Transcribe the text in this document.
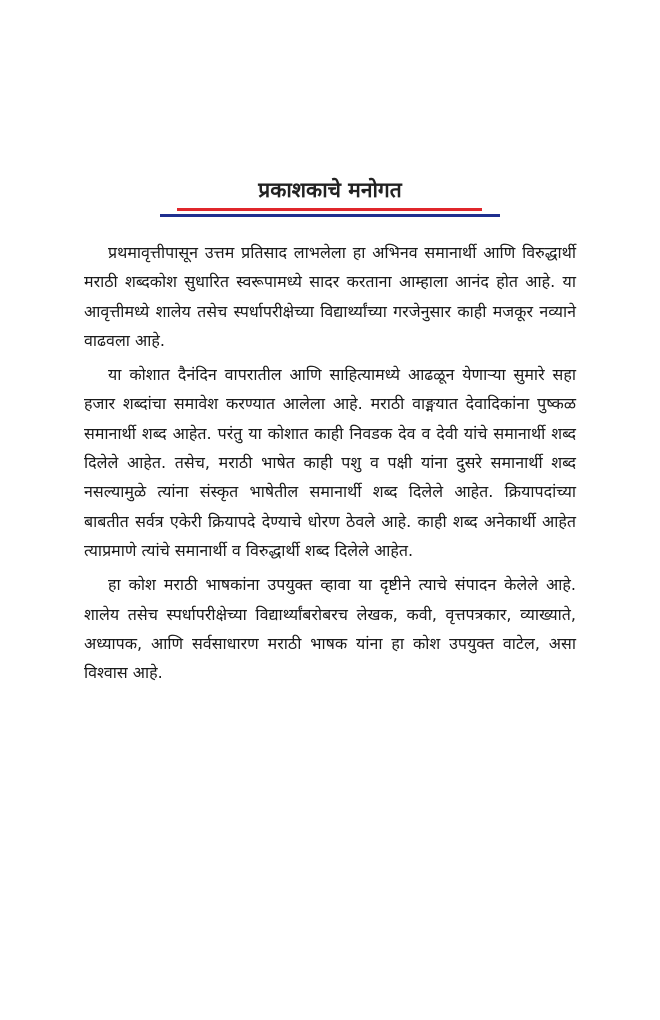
प्रकाशकाचे मनोगत

प्रथमावृत्तीपासून उत्तम प्रतिसाद लाभलेला हा अभिनव समानार्थी आणि विरुद्धार्थी मराठी शब्दकोश सुधारित स्वरूपामध्ये सादर करताना आम्हाला आनंद होत आहे. या आवृत्तीमध्ये शालेय तसेच स्पर्धापरीक्षेच्या विद्यार्थ्यांच्या गरजेनुसार काही मजकूर नव्याने वाढवला आहे.

या कोशात दैनंदिन वापरातील आणि साहित्यामध्ये आढळून येणाऱ्या सुमारे सहा हजार शब्दांचा समावेश करण्यात आलेला आहे. मराठी वाङ्मयात देवादिकांना पुष्कळ समानार्थी शब्द आहेत. परंतु या कोशात काही निवडक देव व देवी यांचे समानार्थी शब्द दिलेले आहेत. तसेच, मराठी भाषेत काही पशु व पक्षी यांना दुसरे समानार्थी शब्द नसल्यामुळे त्यांना संस्कृत भाषेतील समानार्थी शब्द दिलेले आहेत. क्रियापदांच्या बाबतीत सर्वत्र एकेरी क्रियापदे देण्याचे धोरण ठेवले आहे. काही शब्द अनेकार्थी आहेत त्याप्रमाणे त्यांचे समानार्थी व विरुद्धार्थी शब्द दिलेले आहेत.

हा कोश मराठी भाषकांना उपयुक्त व्हावा या दृष्टीने त्याचे संपादन केलेले आहे. शालेय तसेच स्पर्धापरीक्षेच्या विद्यार्थ्यांबरोबरच लेखक, कवी, वृत्तपत्रकार, व्याख्याते, अध्यापक, आणि सर्वसाधारण मराठी भाषक यांना हा कोश उपयुक्त वाटेल, असा विश्वास आहे.
